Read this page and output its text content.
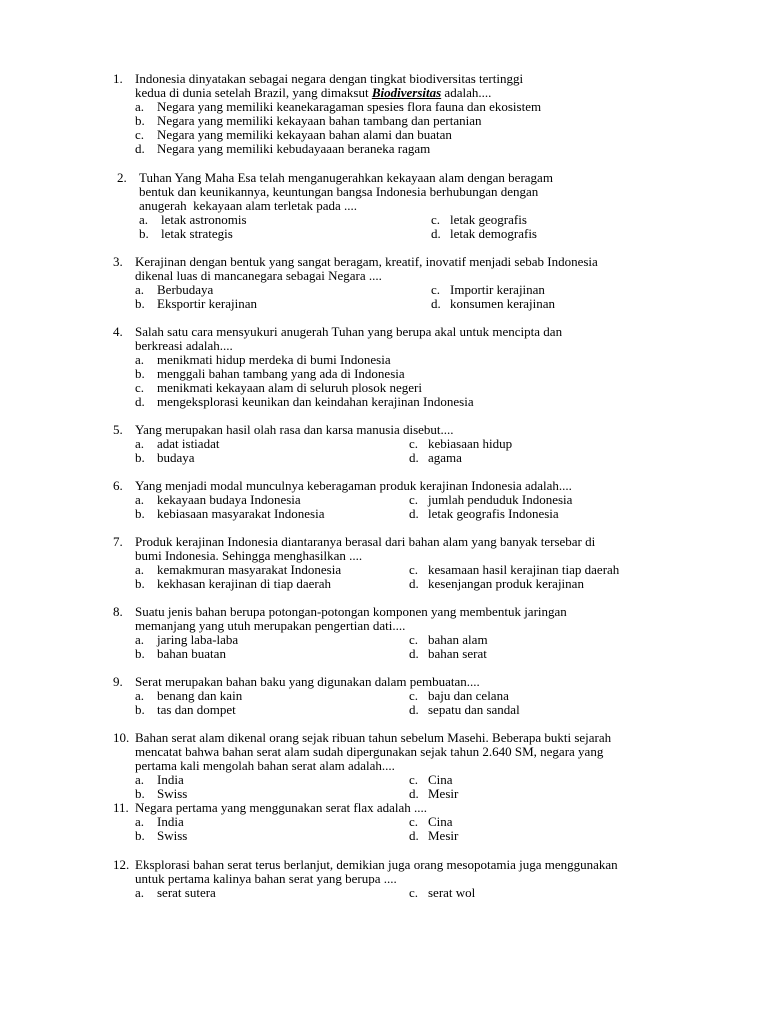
1. Indonesia dinyatakan sebagai negara dengan tingkat biodiversitas tertinggi
kedua di dunia setelah Brazil, yang dimaksut Biodiversitas adalah....
a. Negara yang memiliki keanekaragaman spesies flora fauna dan ekosistem
b. Negara yang memiliki kekayaan bahan tambang dan pertanian
c. Negara yang memiliki kekayaan bahan alami dan buatan
d. Negara yang memiliki kebudayaaan beraneka ragam
2. Tuhan Yang Maha Esa telah menganugerahkan kekayaan alam dengan beragam
bentuk dan keunikannya, keuntungan bangsa Indonesia berhubungan dengan
anugerah  kekayaan alam terletak pada ....
a. letak astronomis	c. letak geografis
b. letak strategis	d. letak demografis
3. Kerajinan dengan bentuk yang sangat beragam, kreatif, inovatif menjadi sebab Indonesia
dikenal luas di mancanegara sebagai Negara ....
a. Berbudaya	c. Importir kerajinan
b. Eksportir kerajinan	d. konsumen kerajinan
4. Salah satu cara mensyukuri anugerah Tuhan yang berupa akal untuk mencipta dan
berkreasi adalah....
a. menikmati hidup merdeka di bumi Indonesia
b. menggali bahan tambang yang ada di Indonesia
c. menikmati kekayaan alam di seluruh plosok negeri
d. mengeksplorasi keunikan dan keindahan kerajinan Indonesia
5. Yang merupakan hasil olah rasa dan karsa manusia disebut....
a. adat istiadat	c. kebiasaan hidup
b. budaya	d. agama
6. Yang menjadi modal munculnya keberagaman produk kerajinan Indonesia adalah....
a. kekayaan budaya Indonesia	c. jumlah penduduk Indonesia
b. kebiasaan masyarakat Indonesia	d. letak geografis Indonesia
7. Produk kerajinan Indonesia diantaranya berasal dari bahan alam yang banyak tersebar di
bumi Indonesia. Sehingga menghasilkan ....
a. kemakmuran masyarakat Indonesia	c. kesamaan hasil kerajinan tiap daerah
b. kekhasan kerajinan di tiap daerah	d. kesenjangan produk kerajinan
8. Suatu jenis bahan berupa potongan-potongan komponen yang membentuk jaringan
memanjang yang utuh merupakan pengertian dati....
a. jaring laba-laba	c. bahan alam
b. bahan buatan	d. bahan serat
9. Serat merupakan bahan baku yang digunakan dalam pembuatan....
a. benang dan kain	c. baju dan celana
b. tas dan dompet	d. sepatu dan sandal
10. Bahan serat alam dikenal orang sejak ribuan tahun sebelum Masehi. Beberapa bukti sejarah
mencatat bahwa bahan serat alam sudah dipergunakan sejak tahun 2.640 SM, negara yang
pertama kali mengolah bahan serat alam adalah....
a. India	c. Cina
b. Swiss	d. Mesir
11. Negara pertama yang menggunakan serat flax adalah ....
a. India	c. Cina
b. Swiss	d. Mesir
12. Eksplorasi bahan serat terus berlanjut, demikian juga orang mesopotamia juga menggunakan
untuk pertama kalinya bahan serat yang berupa ....
a. serat sutera	c. serat wol
